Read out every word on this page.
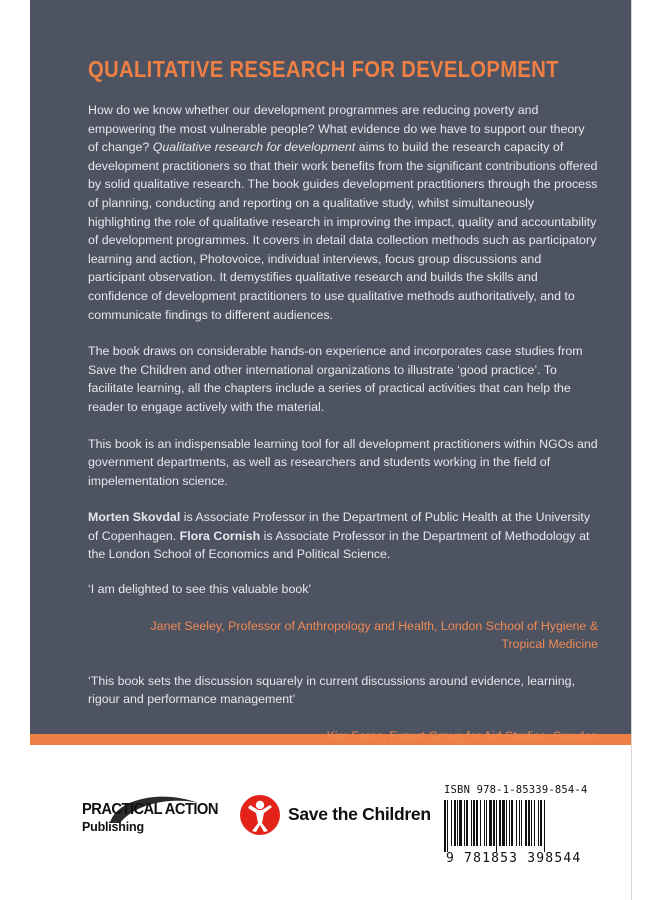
QUALITATIVE RESEARCH FOR DEVELOPMENT

How do we know whether our development programmes are reducing poverty and empowering the most vulnerable people? What evidence do we have to support our theory of change? Qualitative research for development aims to build the research capacity of development practitioners so that their work benefits from the significant contributions offered by solid qualitative research. The book guides development practitioners through the process of planning, conducting and reporting on a qualitative study, whilst simultaneously highlighting the role of qualitative research in improving the impact, quality and accountability of development programmes. It covers in detail data collection methods such as participatory learning and action, Photovoice, individual interviews, focus group discussions and participant observation. It demystifies qualitative research and builds the skills and confidence of development practitioners to use qualitative methods authoritatively, and to communicate findings to different audiences.

The book draws on considerable hands-on experience and incorporates case studies from Save the Children and other international organizations to illustrate ‘good practice’. To facilitate learning, all the chapters include a series of practical activities that can help the reader to engage actively with the material.

This book is an indispensable learning tool for all development practitioners within NGOs and government departments, as well as researchers and students working in the field of impelementation science.

Morten Skovdal is Associate Professor in the Department of Public Health at the University of Copenhagen. Flora Cornish is Associate Professor in the Department of Methodology at the London School of Economics and Political Science.

‘I am delighted to see this valuable book’

Janet Seeley, Professor of Anthropology and Health, London School of Hygiene & Tropical Medicine

‘This book sets the discussion squarely in current discussions around evidence, learning, rigour and performance management’

Kim Forss, Expert Group for Aid Studies, Sweden

PRACTICAL ACTION
Publishing
Save the Children
ISBN 978-1-85339-854-4
9 781853 398544
